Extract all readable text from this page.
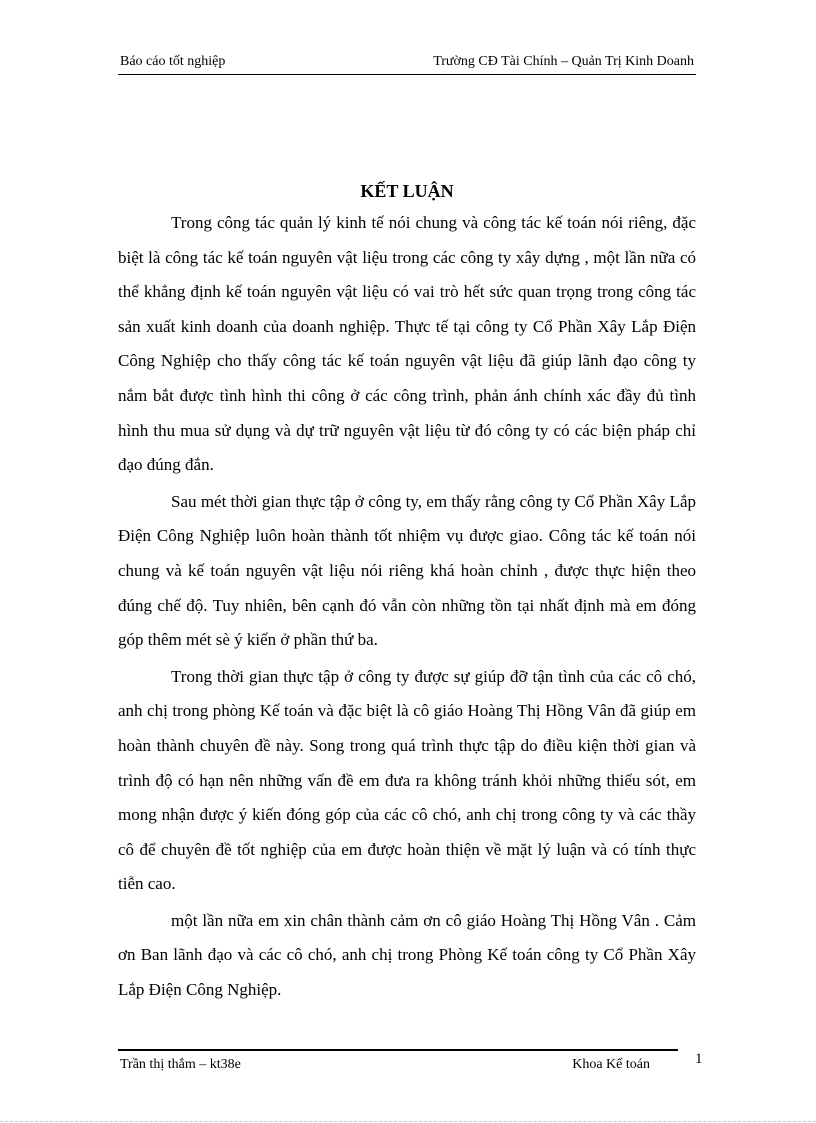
Báo cáo tốt nghiệp	Trường CĐ Tài Chính – Quản Trị Kinh Doanh
KẾT LUẬN

Trong công tác quản lý kinh tế nói chung và công tác kế toán nói riêng, đặc biệt là công tác kế toán nguyên vật liệu trong các công ty xây dựng , một lần nữa có thể khẳng định kế toán nguyên vật liệu có vai trò hết sức quan trọng trong công tác sản xuất kinh doanh của doanh nghiệp. Thực tế tại công ty Cổ Phần Xây Lắp Điện Công Nghiệp cho thấy công tác kế toán nguyên vật liệu đã giúp lãnh đạo công ty nắm bắt được tình hình thi công ở các công trình, phản ánh chính xác đầy đủ tình hình thu mua sử dụng và dự trữ nguyên vật liệu từ đó công ty có các biện pháp chỉ đạo đúng đắn.

Sau mét thời gian thực tập ở công ty, em thấy rằng công ty Cổ Phần Xây Lắp Điện Công Nghiệp luôn hoàn thành tốt nhiệm vụ được giao. Công tác kế toán nói chung và kế toán nguyên vật liệu nói riêng khá hoàn chỉnh , được thực hiện theo đúng chế độ. Tuy nhiên, bên cạnh đó vẫn còn những tồn tại nhất định mà em đóng góp thêm mét sè ý kiến ở phần thứ ba.

Trong thời gian thực tập ở công ty được sự giúp đỡ tận tình của các cô chó, anh chị trong phòng Kế toán và đặc biệt là cô giáo Hoàng Thị Hồng Vân đã giúp em hoàn thành chuyên đề này. Song trong quá trình thực tập do điều kiện thời gian và trình độ có hạn nên những vấn đề em đưa ra không tránh khỏi những thiếu sót, em mong nhận được ý kiến đóng góp của các cô chó, anh chị trong công ty và các thầy cô để chuyên đề tốt nghiệp của em được hoàn thiện về mặt lý luận và có tính thực tiễn cao.

một lần nữa em xin chân thành cảm ơn cô giáo Hoàng Thị Hồng Vân . Cảm ơn Ban lãnh đạo và các cô chó, anh chị trong Phòng Kế toán công ty Cổ Phần Xây Lắp Điện Công Nghiệp.

Trần thị thắm – kt38e	Khoa Kế toán	1
